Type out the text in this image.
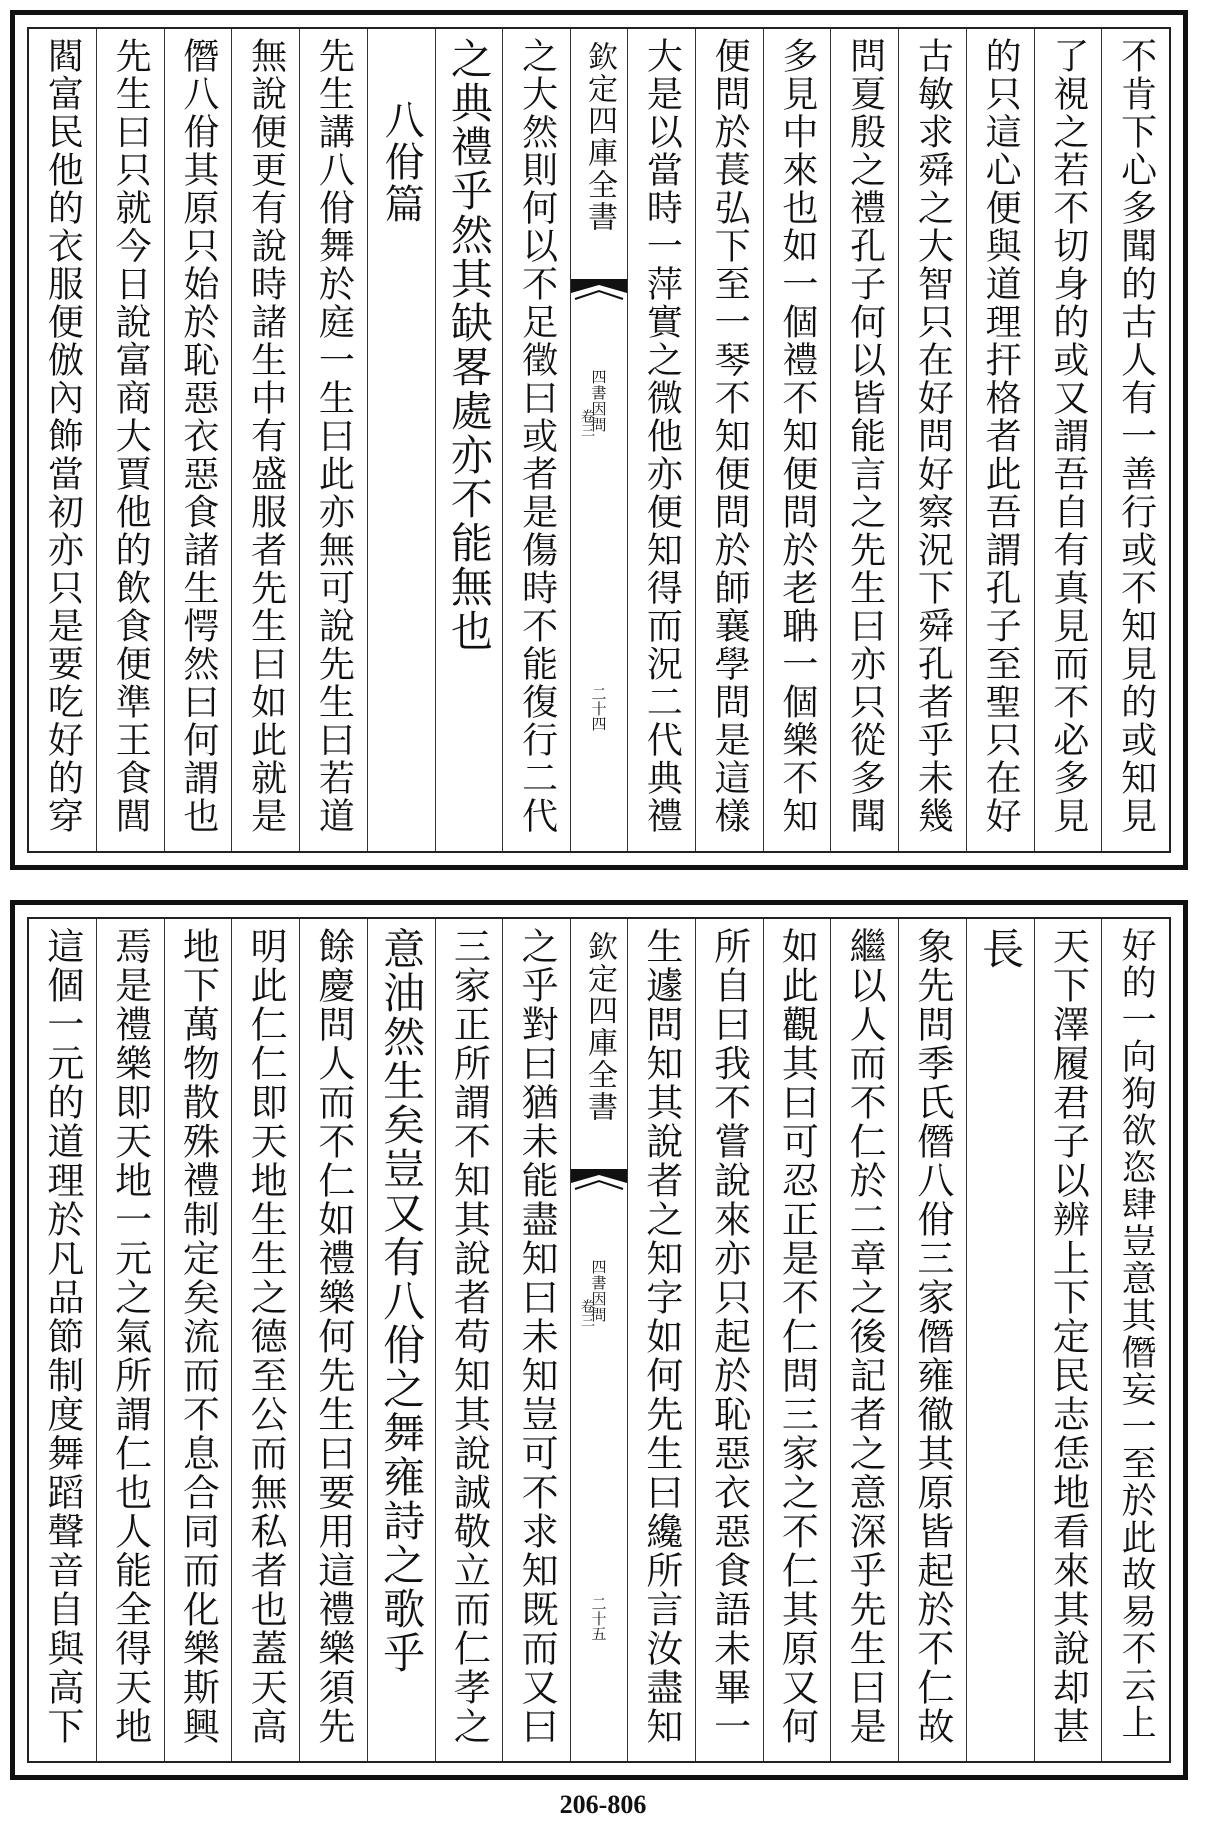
不肯下心多聞的古人有一善行或不知見的或知見
了視之若不切身的或又謂吾自有真見而不必多見
的只這心便與道理扞格者此吾謂孔子至聖只在好
古敏求舜之大智只在好問好察況下舜孔者乎未幾
問夏殷之禮孔子何以皆能言之先生曰亦只從多聞
多見中來也如一個禮不知便問於老聃一個樂不知
便問於萇弘下至一琴不知便問於師襄學問是這樣
大是以當時一萍實之微他亦便知得而況二代典禮
欽定四庫全書
四書因問
卷三
二十四
之大然則何以不足徵曰或者是傷時不能復行二代
之典禮乎然其缺畧處亦不能無也
八佾篇
先生講八佾舞於庭一生曰此亦無可說先生曰若道
無說便更有說時諸生中有盛服者先生曰如此就是
僭八佾其原只始於恥惡衣惡食諸生愕然曰何謂也
先生曰只就今日說富商大賈他的飲食便準王食閭
閻富民他的衣服便倣內飾當初亦只是要吃好的穿
好的一向狗欲恣肆豈意其僭妄一至於此故易不云上
天下澤履君子以辨上下定民志恁地看來其說却甚
長
象先問季氏僭八佾三家僭雍徹其原皆起於不仁故
繼以人而不仁於二章之後記者之意深乎先生曰是
如此觀其曰可忍正是不仁問三家之不仁其原又何
所自曰我不嘗說來亦只起於恥惡衣惡食語未畢一
生遽問知其說者之知字如何先生曰纔所言汝盡知
欽定四庫全書
四書因問
卷三
二十五
之乎對曰猶未能盡知曰未知豈可不求知既而又曰
三家正所謂不知其說者苟知其說誠敬立而仁孝之
意油然生矣豈又有八佾之舞雍詩之歌乎
餘慶問人而不仁如禮樂何先生曰要用這禮樂須先
明此仁仁即天地生生之德至公而無私者也蓋天高
地下萬物散殊禮制定矣流而不息合同而化樂斯興
焉是禮樂即天地一元之氣所謂仁也人能全得天地
這個一元的道理於凡品節制度舞蹈聲音自與高下
206-806
